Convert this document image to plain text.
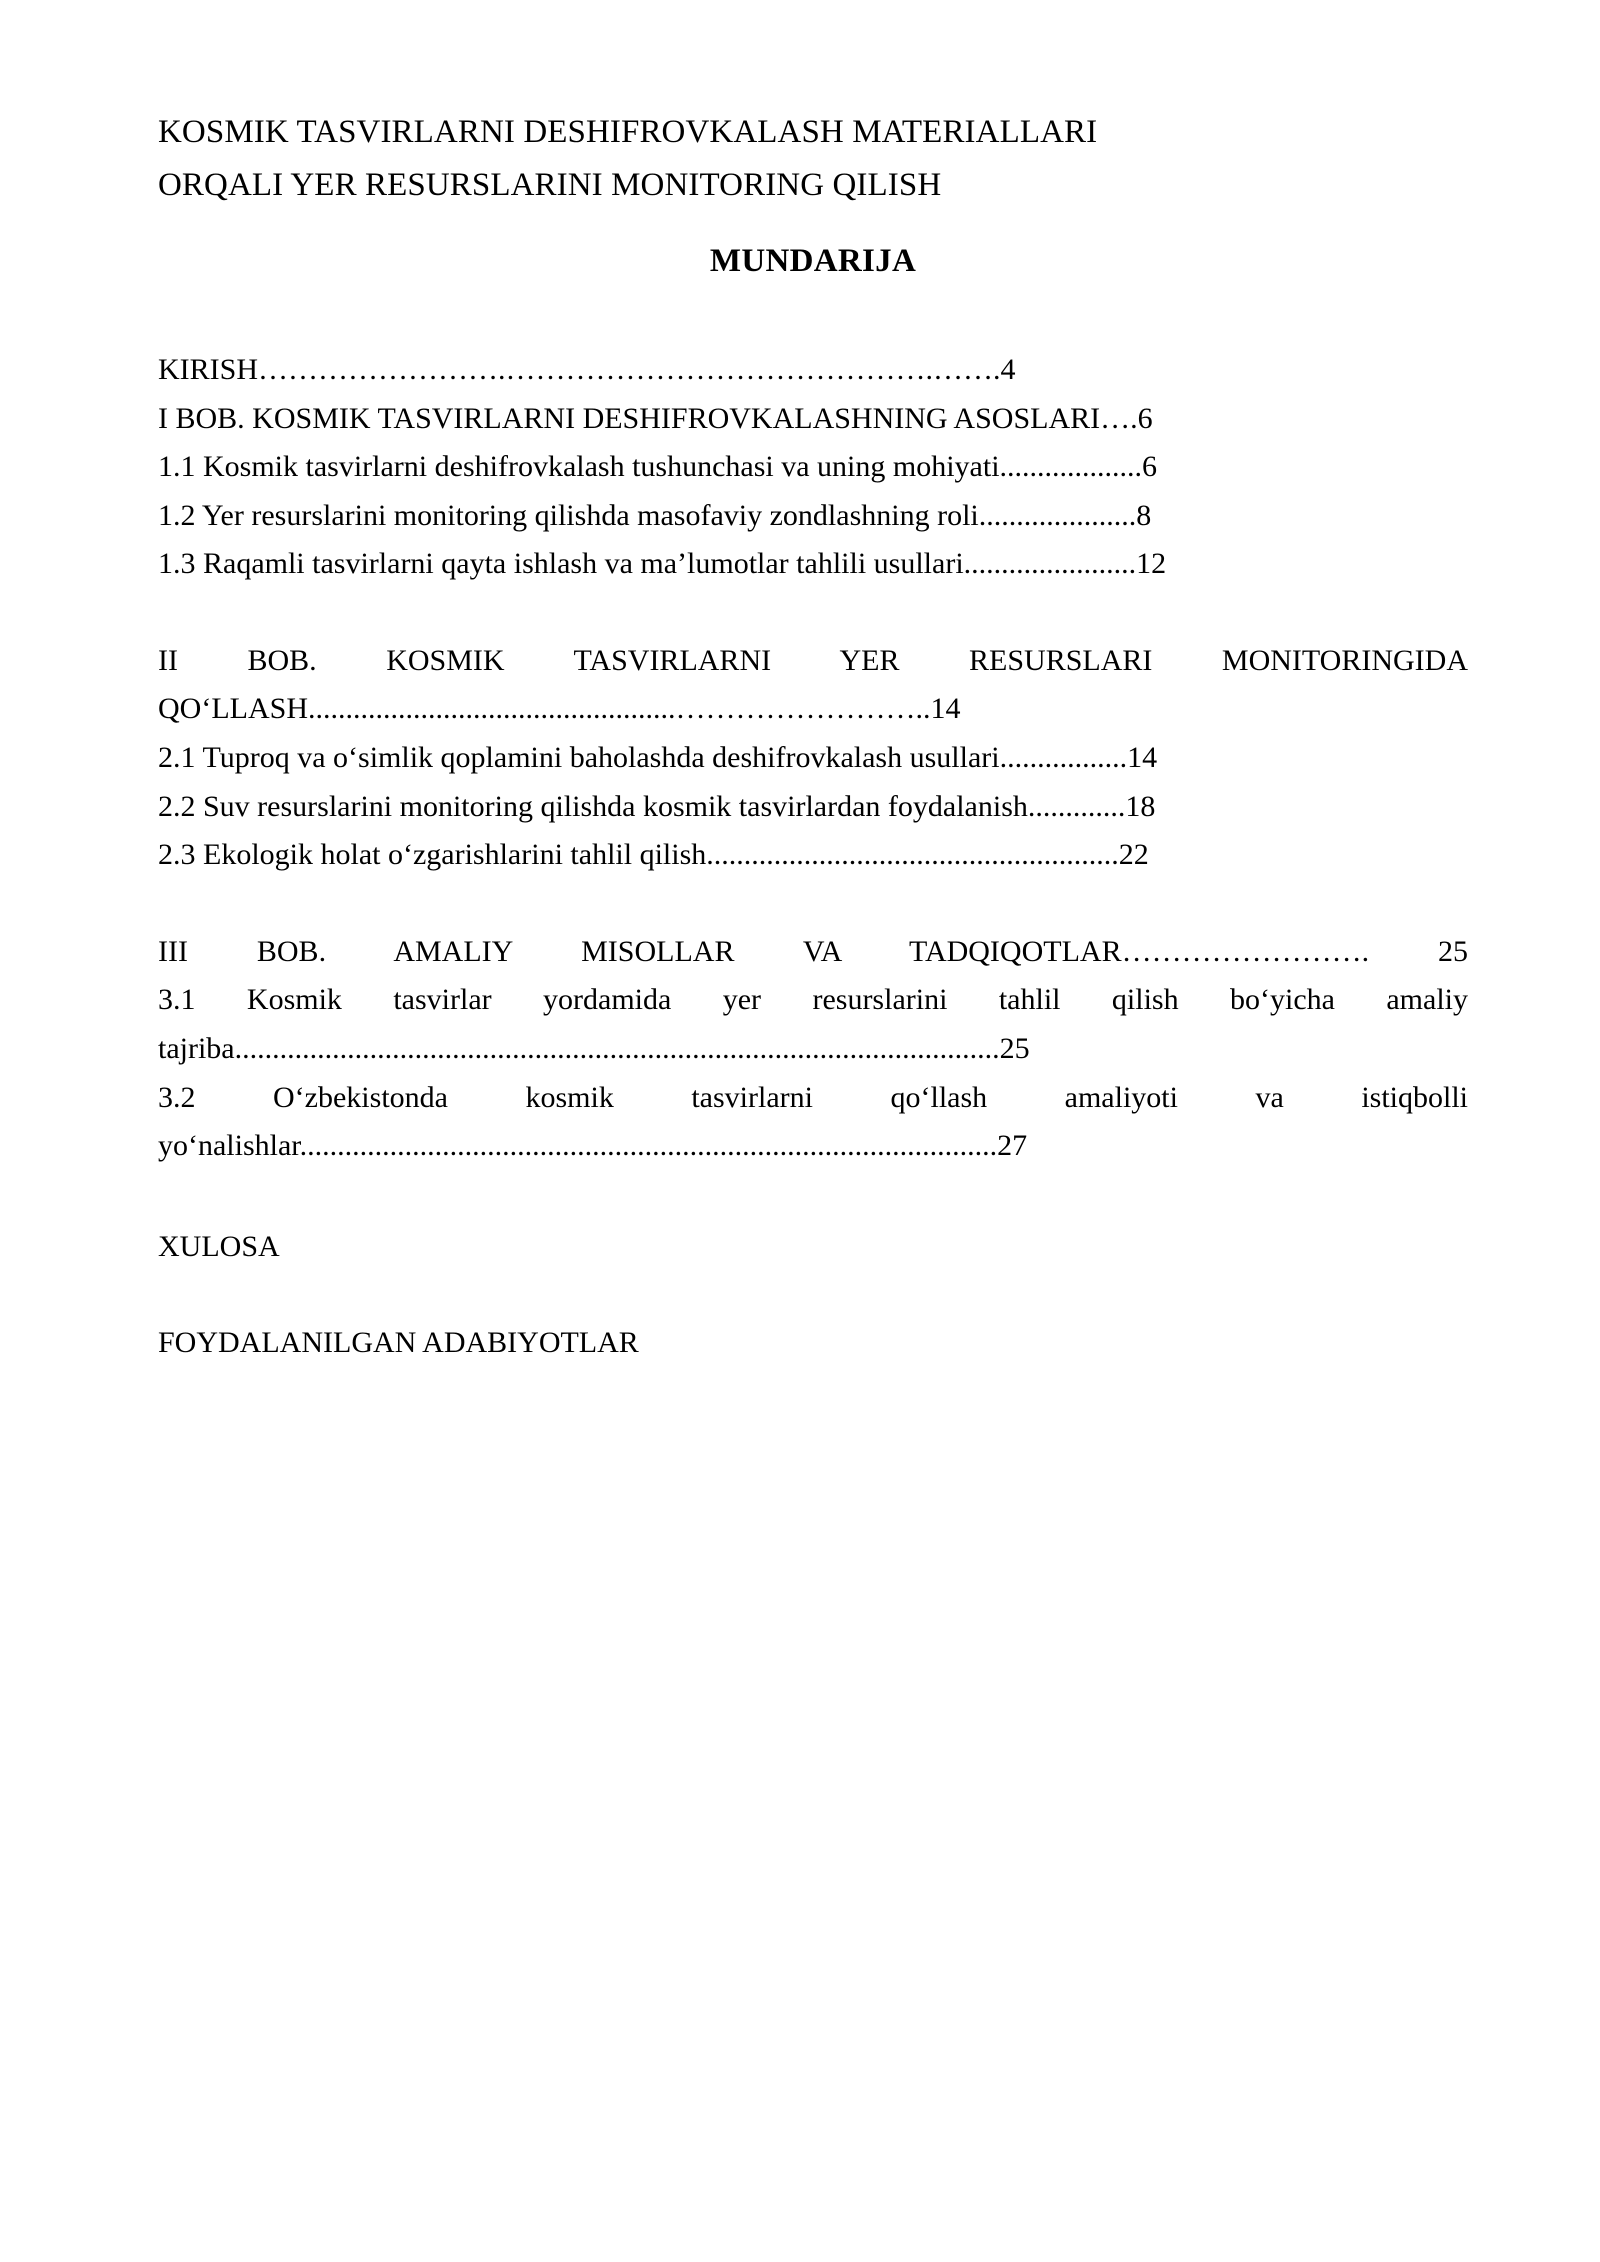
KOSMIK TASVIRLARNI DESHIFROVKALASH MATERIALLARI
ORQALI YER RESURSLARINI MONITORING QILISH
MUNDARIJA

KIRISH…………………….…………………………………….…….4

I BOB. KOSMIK TASVIRLARNI DESHIFROVKALASHNING ASOSLARI….6

1.1 Kosmik tasvirlarni deshifrovkalash tushunchasi va uning mohiyati...................6

1.2 Yer resurslarini monitoring qilishda masofaviy zondlashning roli.....................8

1.3 Raqamli tasvirlarni qayta ishlash va ma’lumotlar tahlili usullari.......................12

II BOB. KOSMIK TASVIRLARNI YER RESURSLARI MONITORINGIDA

QO‘LLASH.................................................……………………..14

2.1 Tuproq va o‘simlik qoplamini baholashda deshifrovkalash usullari.................14

2.2 Suv resurslarini monitoring qilishda kosmik tasvirlardan foydalanish.............18

2.3 Ekologik holat o‘zgarishlarini tahlil qilish.......................................................22

III BOB. AMALIY MISOLLAR VA TADQIQOTLAR……………………. 25

3.1 Kosmik tasvirlar yordamida yer resurslarini tahlil qilish bo‘yicha amaliy

tajriba......................................................................................................25

3.2 O‘zbekistonda kosmik tasvirlarni qo‘llash amaliyoti va istiqbolli

yo‘nalishlar.............................................................................................27

XULOSA

FOYDALANILGAN ADABIYOTLAR
